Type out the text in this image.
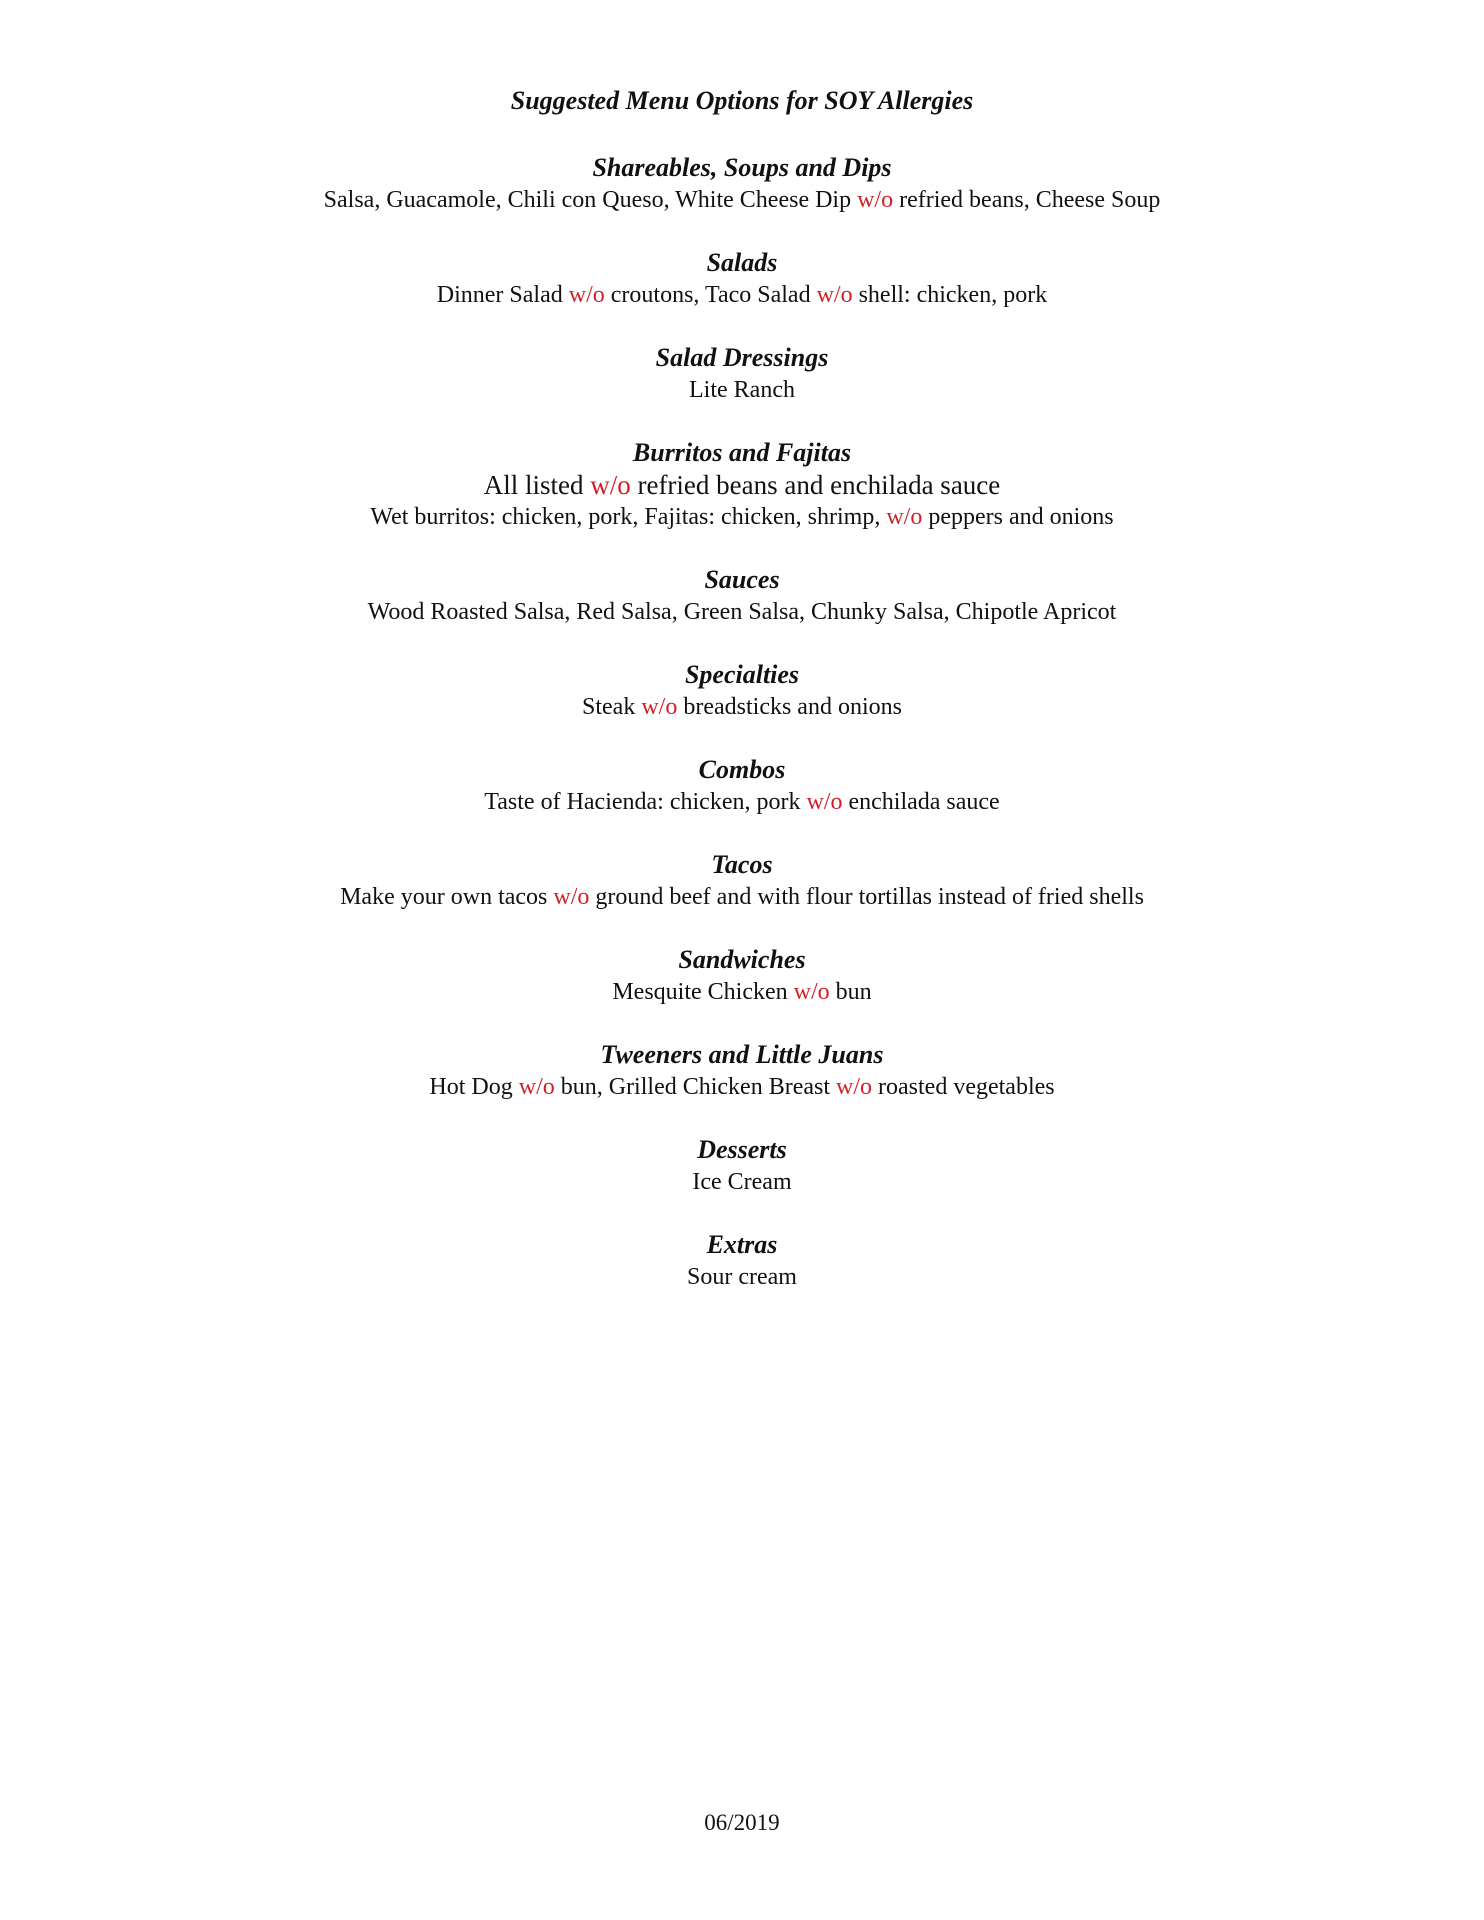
Suggested Menu Options for SOY Allergies
Shareables, Soups and Dips

Salsa, Guacamole, Chili con Queso, White Cheese Dip w/o refried beans, Cheese Soup

Salads

Dinner Salad w/o croutons, Taco Salad w/o shell: chicken, pork

Salad Dressings

Lite Ranch

Burritos and Fajitas

All listed w/o refried beans and enchilada sauce

Wet burritos: chicken, pork, Fajitas: chicken, shrimp, w/o peppers and onions

Sauces

Wood Roasted Salsa, Red Salsa, Green Salsa, Chunky Salsa, Chipotle Apricot

Specialties

Steak w/o breadsticks and onions

Combos

Taste of Hacienda: chicken, pork w/o enchilada sauce

Tacos

Make your own tacos w/o ground beef and with flour tortillas instead of fried shells

Sandwiches

Mesquite Chicken w/o bun

Tweeners and Little Juans

Hot Dog w/o bun, Grilled Chicken Breast w/o roasted vegetables

Desserts

Ice Cream

Extras

Sour cream

06/2019
